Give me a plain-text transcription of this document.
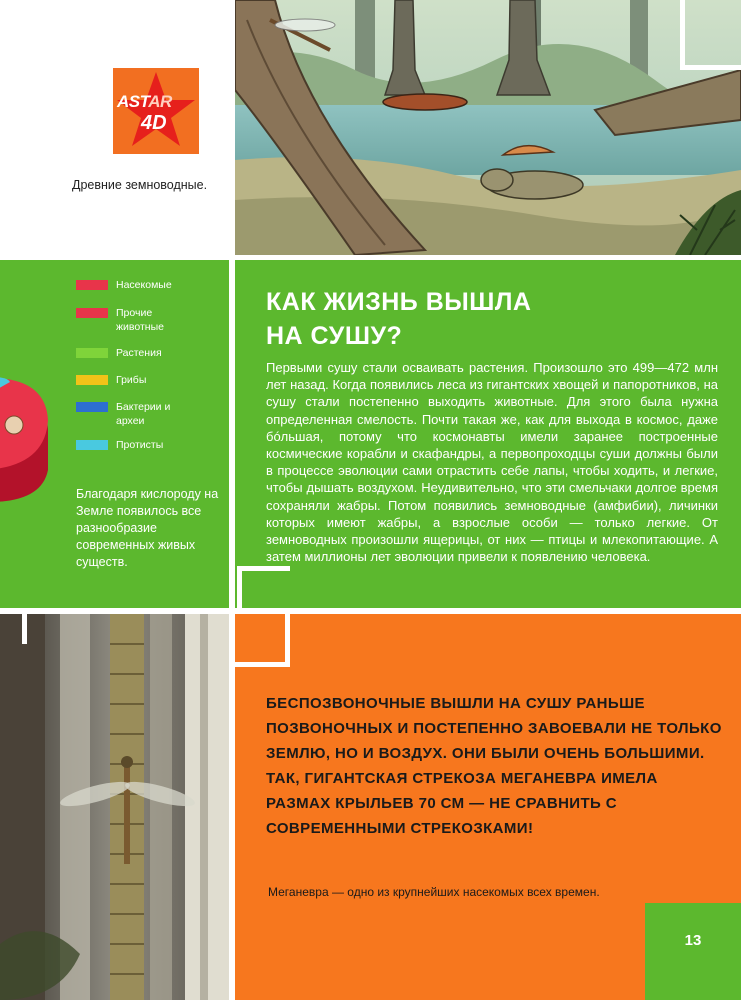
ASTAR
4D
Древние земноводные.
Насекомые
Прочие животные
Растения
Грибы
Бактерии и археи
Протисты
Благодаря кислороду на Земле появилось все разнообразие современных живых существ.
КАК ЖИЗНЬ ВЫШЛА
НА СУШУ?
Первыми сушу стали осваивать растения. Произошло это 499—472 млн лет назад. Когда появились леса из гигантских хвощей и папоротников, на сушу стали постепенно выходить животные. Для этого была нужна определенная смелость. Почти такая же, как для выхода в космос, даже бóльшая, потому что космонавты имели заранее построенные космические корабли и скафандры, а первопроходцы суши должны были в процессе эволюции сами отрастить себе лапы, чтобы ходить, и легкие, чтобы дышать воздухом. Неудивительно, что эти смельчаки долгое время сохраняли жабры. Потом появились земноводные (амфибии), личинки которых имеют жабры, а взрослые особи — только легкие. От земноводных произошли ящерицы, от них — птицы и млекопитающие. А затем миллионы лет эволюции привели к появлению человека.
БЕСПОЗВОНОЧНЫЕ ВЫШЛИ НА СУШУ РАНЬШЕ ПОЗВОНОЧНЫХ И ПОСТЕПЕННО ЗАВОЕВАЛИ НЕ ТОЛЬКО ЗЕМЛЮ, НО И ВОЗДУХ. ОНИ БЫЛИ ОЧЕНЬ БОЛЬШИМИ. ТАК, ГИГАНТСКАЯ СТРЕКОЗА МЕГАНЕВРА ИМЕЛА РАЗМАХ КРЫЛЬЕВ 70 СМ — НЕ СРАВНИТЬ С СОВРЕМЕННЫМИ СТРЕКОЗКАМИ!
Меганевра — одно из крупнейших насекомых всех времен.
13
